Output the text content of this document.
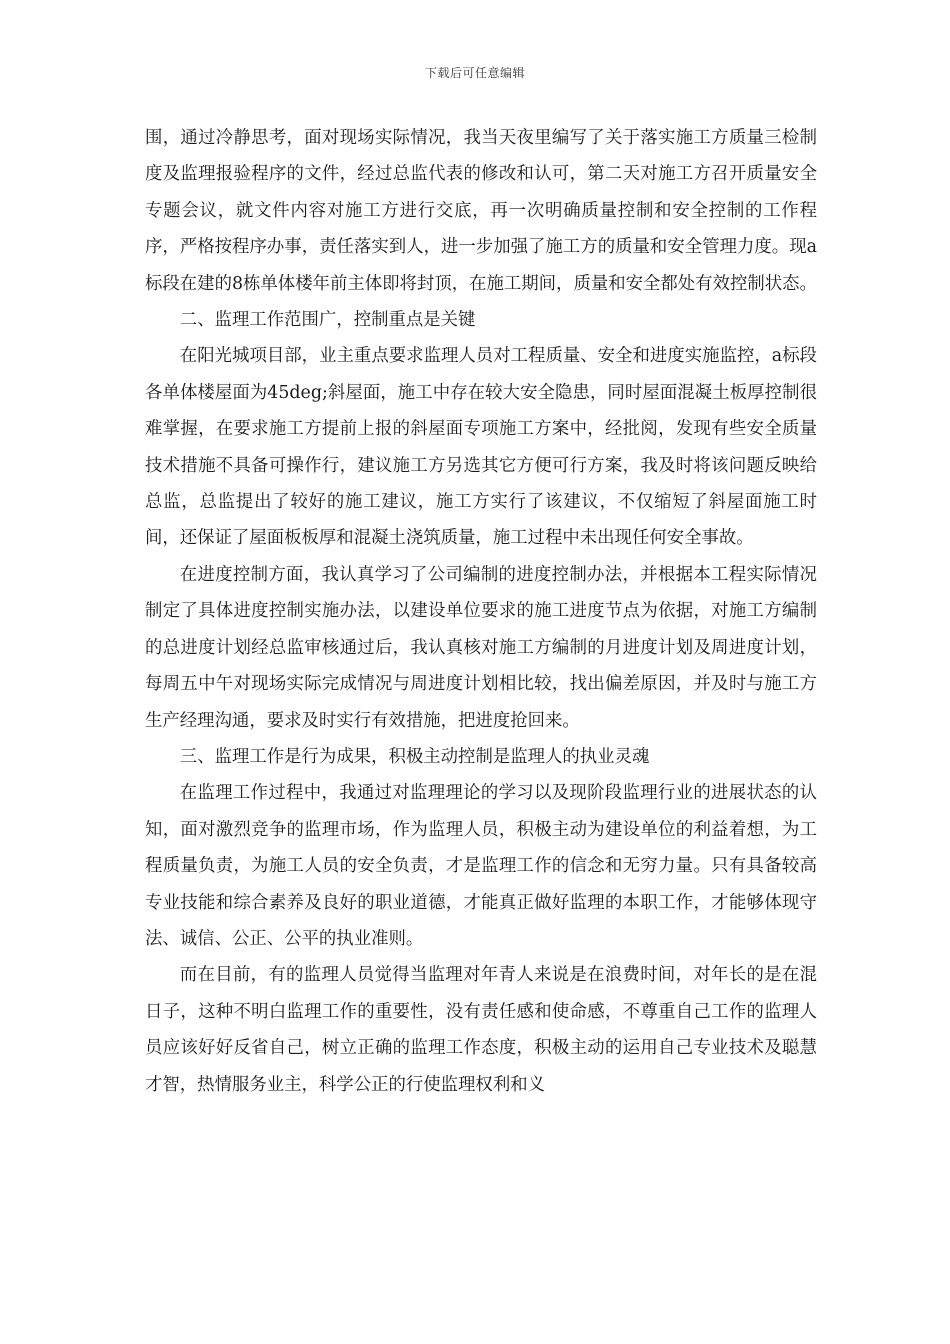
下载后可任意编辑

围，通过冷静思考，面对现场实际情况，我当天夜里编写了关于落实施工方质量三检制度及监理报验程序的文件，经过总监代表的修改和认可，第二天对施工方召开质量安全专题会议，就文件内容对施工方进行交底，再一次明确质量控制和安全控制的工作程序，严格按程序办事，责任落实到人，进一步加强了施工方的质量和安全管理力度。现a标段在建的8栋单体楼年前主体即将封顶，在施工期间，质量和安全都处有效控制状态。

二、监理工作范围广，控制重点是关键

在阳光城项目部，业主重点要求监理人员对工程质量、安全和进度实施监控，a标段各单体楼屋面为45deg;斜屋面，施工中存在较大安全隐患，同时屋面混凝土板厚控制很难掌握，在要求施工方提前上报的斜屋面专项施工方案中，经批阅，发现有些安全质量技术措施不具备可操作行，建议施工方另选其它方便可行方案，我及时将该问题反映给总监，总监提出了较好的施工建议，施工方实行了该建议，不仅缩短了斜屋面施工时间，还保证了屋面板板厚和混凝土浇筑质量，施工过程中未出现任何安全事故。

在进度控制方面，我认真学习了公司编制的进度控制办法，并根据本工程实际情况制定了具体进度控制实施办法，以建设单位要求的施工进度节点为依据，对施工方编制的总进度计划经总监审核通过后，我认真核对施工方编制的月进度计划及周进度计划，每周五中午对现场实际完成情况与周进度计划相比较，找出偏差原因，并及时与施工方生产经理沟通，要求及时实行有效措施，把进度抢回来。

三、监理工作是行为成果，积极主动控制是监理人的执业灵魂

在监理工作过程中，我通过对监理理论的学习以及现阶段监理行业的进展状态的认知，面对激烈竞争的监理市场，作为监理人员，积极主动为建设单位的利益着想，为工程质量负责，为施工人员的安全负责，才是监理工作的信念和无穷力量。只有具备较高专业技能和综合素养及良好的职业道德，才能真正做好监理的本职工作，才能够体现守法、诚信、公正、公平的执业准则。

而在目前，有的监理人员觉得当监理对年青人来说是在浪费时间，对年长的是在混日子，这种不明白监理工作的重要性，没有责任感和使命感，不尊重自己工作的监理人员应该好好反省自己，树立正确的监理工作态度，积极主动的运用自己专业技术及聪慧才智，热情服务业主，科学公正的行使监理权利和义
